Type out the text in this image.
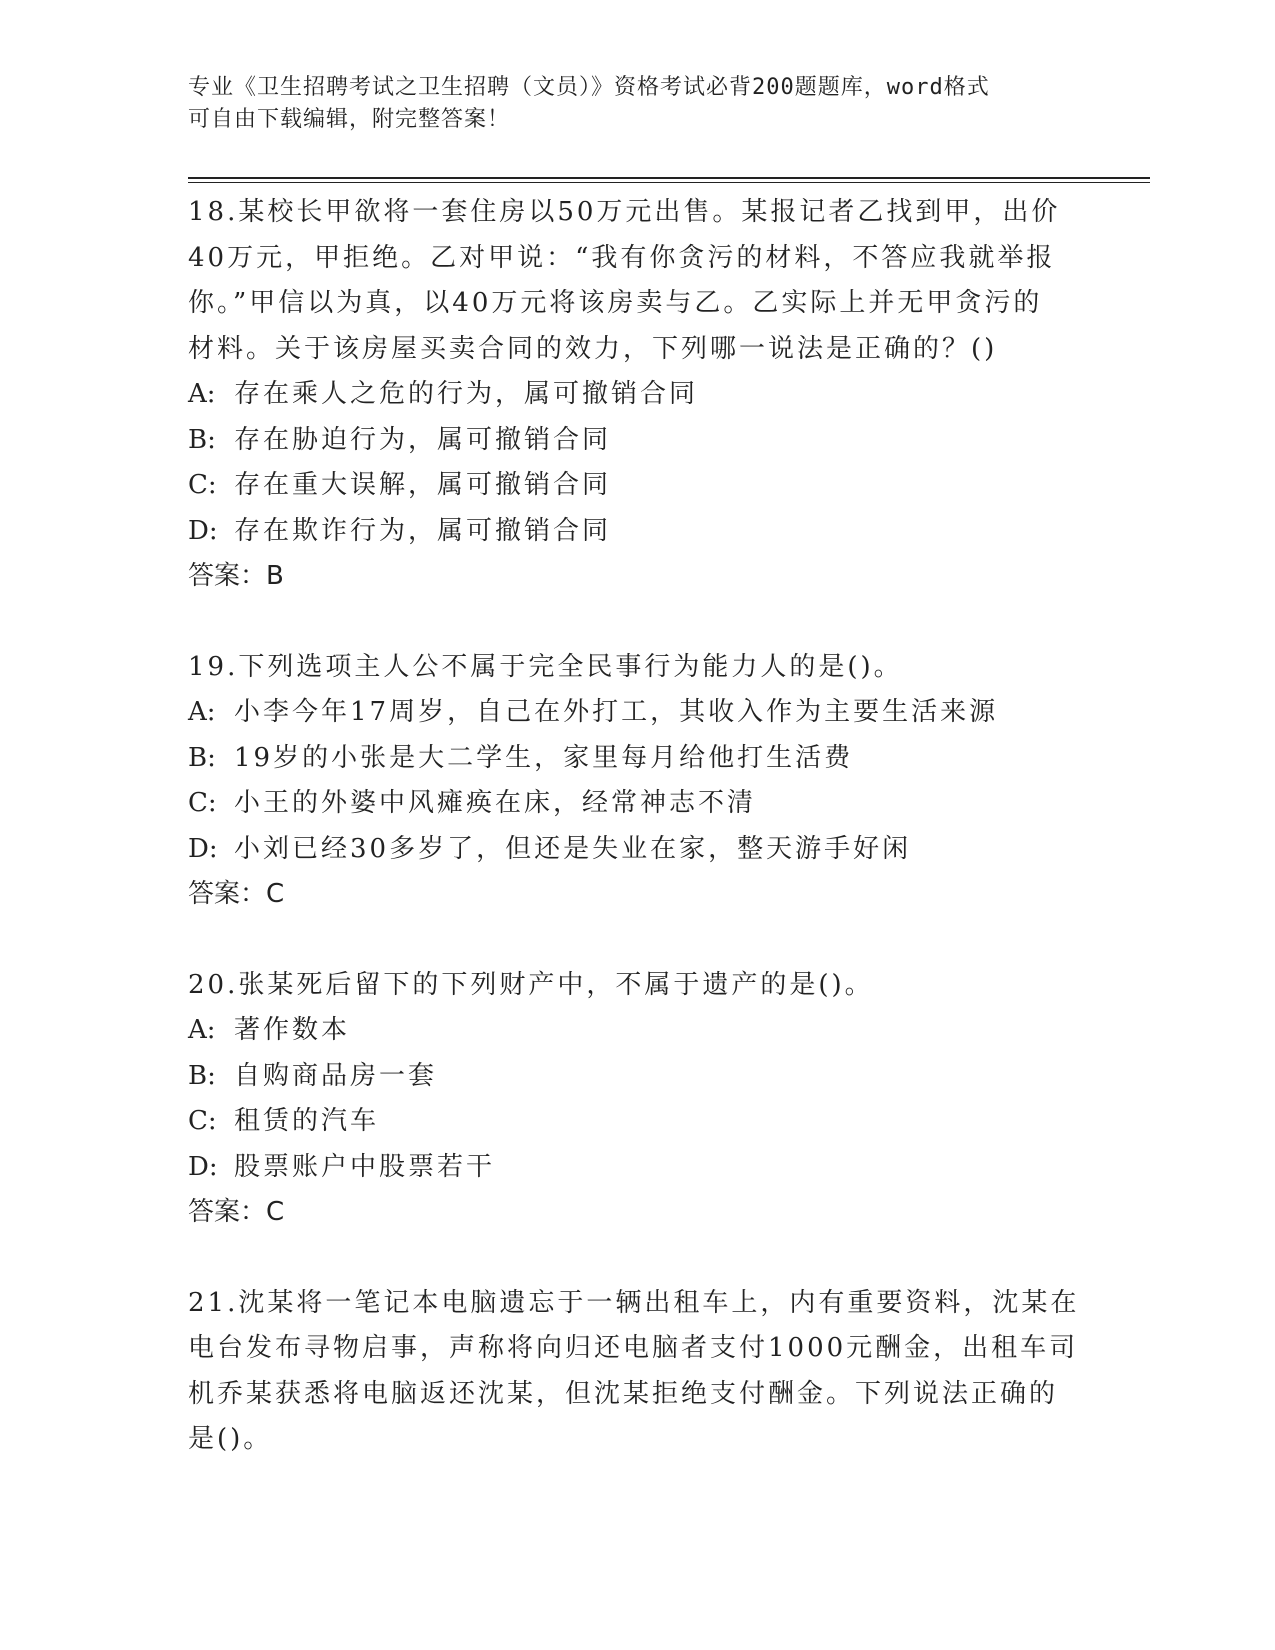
专业《卫生招聘考试之卫生招聘（文员）》资格考试必背200题题库，word格式
可自由下载编辑，附完整答案！

18.某校长甲欲将一套住房以50万元出售。某报记者乙找到甲，出价

40万元，甲拒绝。乙对甲说：“我有你贪污的材料，不答应我就举报

你。”甲信以为真，以40万元将该房卖与乙。乙实际上并无甲贪污的

材料。关于该房屋买卖合同的效力，下列哪一说法是正确的？()

A: 存在乘人之危的行为，属可撤销合同

B: 存在胁迫行为，属可撤销合同

C: 存在重大误解，属可撤销合同

D: 存在欺诈行为，属可撤销合同

答案：B

19.下列选项主人公不属于完全民事行为能力人的是()。

A: 小李今年17周岁，自己在外打工，其收入作为主要生活来源

B: 19岁的小张是大二学生，家里每月给他打生活费

C: 小王的外婆中风瘫痪在床，经常神志不清

D: 小刘已经30多岁了，但还是失业在家，整天游手好闲

答案：C

20.张某死后留下的下列财产中，不属于遗产的是()。

A: 著作数本

B: 自购商品房一套

C: 租赁的汽车

D: 股票账户中股票若干

答案：C

21.沈某将一笔记本电脑遗忘于一辆出租车上，内有重要资料，沈某在

电台发布寻物启事，声称将向归还电脑者支付1000元酬金，出租车司

机乔某获悉将电脑返还沈某，但沈某拒绝支付酬金。下列说法正确的

是()。
